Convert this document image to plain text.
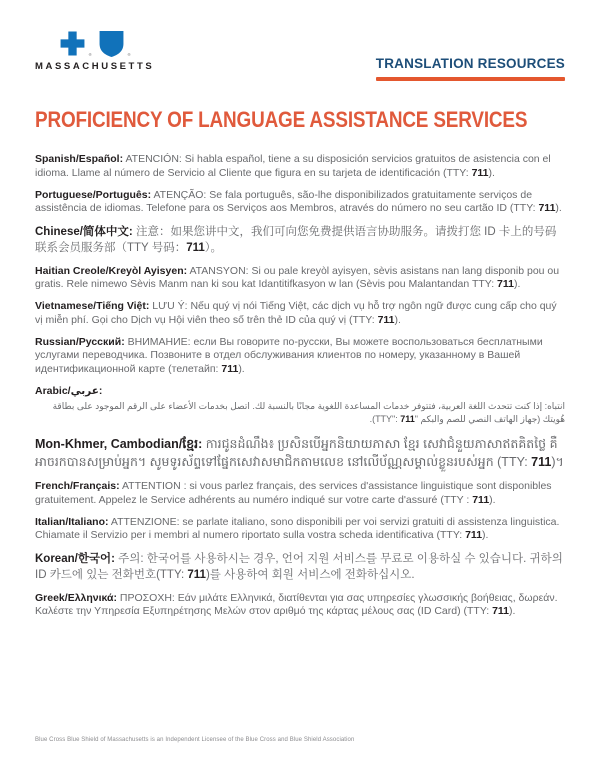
®	®
MASSACHUSETTS	TRANSLATION RESOURCES
PROFICIENCY OF LANGUAGE ASSISTANCE SERVICES

Spanish/Español: ATENCIÓN: Si habla español, tiene a su disposición servicios gratuitos de asistencia con el idioma. Llame al número de Servicio al Cliente que figura en su tarjeta de identificación (TTY: 711).

Portuguese/Português: ATENÇÃO: Se fala português, são-lhe disponibilizados gratuitamente serviços de assistência de idiomas. Telefone para os Serviços aos Membros, através do número no seu cartão ID (TTY: 711).

Chinese/简体中文: 注意：如果您讲中文，我们可向您免费提供语言协助服务。请拨打您 ID 卡上的号码联系会员服务部（TTY 号码：711）。

Haitian Creole/Kreyòl Ayisyen: ATANSYON: Si ou pale kreyòl ayisyen, sèvis asistans nan lang disponib pou ou gratis. Rele nimewo Sèvis Manm nan ki sou kat Idantitifkasyon w lan (Sèvis pou Malantandan TTY: 711).

Vietnamese/Tiếng Việt: LƯU Ý: Nếu quý vị nói Tiếng Việt, các dịch vụ hỗ trợ ngôn ngữ được cung cấp cho quý vị miễn phí. Gọi cho Dịch vụ Hội viên theo số trên thẻ ID của quý vị (TTY: 711).

Russian/Русский: ВНИМАНИЕ: если Вы говорите по-русски, Вы можете воспользоваться бесплатными услугами переводчика. Позвоните в отдел обслуживания клиентов по номеру, указанному в Вашей идентификационной карте (телетайп: 711).

Arabic/عربي:
انتباه: إذا كنت تتحدث اللغة العربية، فتتوفر خدمات المساعدة اللغوية مجانًا بالنسبة لك. اتصل بخدمات الأعضاء على الرقم الموجود على بطاقة هُويتك (جهاز الهاتف النصي للصم والبكم "TTY": 711).

Mon-Khmer, Cambodian/ខ្មែរ: ការជូនដំណឹង៖ ប្រសិនបើអ្នកនិយាយភាសា ខ្មែរ សេវាជំនួយភាសាឥតគិតថ្លៃ គឺអាចរកបានសម្រាប់អ្នក។ សូមទូរស័ព្ទទៅផ្នែកសេវាសមាជិកតាមលេខ នៅលើប័ណ្ណសម្គាល់ខ្លួនរបស់អ្នក (TTY: 711)។

French/Français: ATTENTION : si vous parlez français, des services d'assistance linguistique sont disponibles gratuitement. Appelez le Service adhérents au numéro indiqué sur votre carte d'assuré (TTY : 711).

Italian/Italiano: ATTENZIONE: se parlate italiano, sono disponibili per voi servizi gratuiti di assistenza linguistica. Chiamate il Servizio per i membri al numero riportato sulla vostra scheda identificativa (TTY: 711).

Korean/한국어: 주의: 한국어를 사용하시는 경우, 언어 지원 서비스를 무료로 이용하실 수 있습니다. 귀하의 ID 카드에 있는 전화번호(TTY: 711)를 사용하여 회원 서비스에 전화하십시오.

Greek/Ελληνικά: ΠΡΟΣΟΧΗ: Εάν μιλάτε Ελληνικά, διατίθενται για σας υπηρεσίες γλωσσικής βοήθειας, δωρεάν. Καλέστε την Υπηρεσία Εξυπηρέτησης Μελών στον αριθμό της κάρτας μέλους σας (ID Card) (TTY: 711).

Blue Cross Blue Shield of Massachusetts is an Independent Licensee of the Blue Cross and Blue Shield Association
